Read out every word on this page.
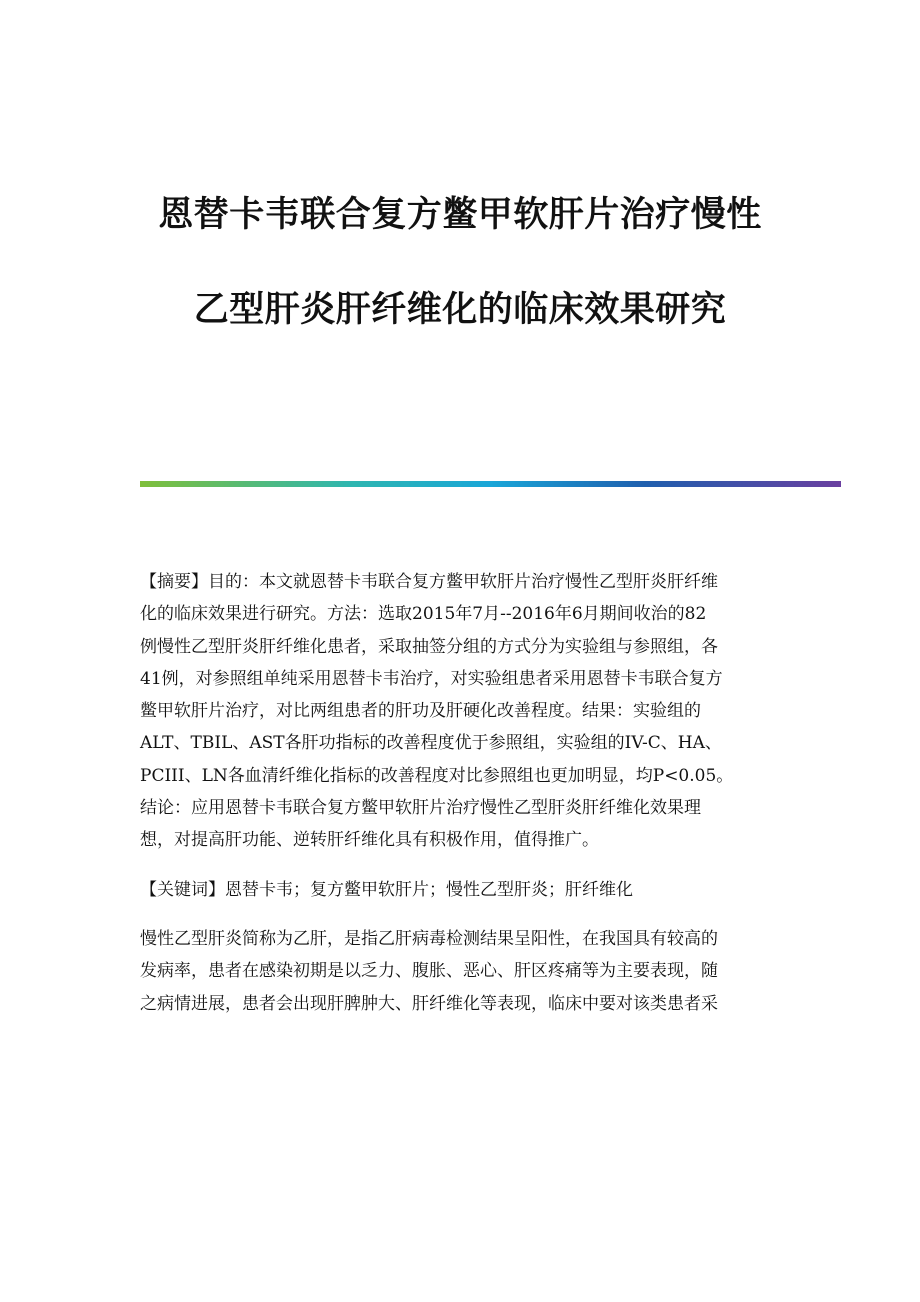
恩替卡韦联合复方鳖甲软肝片治疗慢性
乙型肝炎肝纤维化的临床效果研究

【摘要】目的：本文就恩替卡韦联合复方鳖甲软肝片治疗慢性乙型肝炎肝纤维
化的临床效果进行研究。方法：选取2015年7月--2016年6月期间收治的82
例慢性乙型肝炎肝纤维化患者，采取抽签分组的方式分为实验组与参照组，各
41例，对参照组单纯采用恩替卡韦治疗，对实验组患者采用恩替卡韦联合复方
鳖甲软肝片治疗，对比两组患者的肝功及肝硬化改善程度。结果：实验组的
ALT、TBIL、AST各肝功指标的改善程度优于参照组，实验组的IV-C、HA、
PCIII、LN各血清纤维化指标的改善程度对比参照组也更加明显，均P<0.05。
结论：应用恩替卡韦联合复方鳖甲软肝片治疗慢性乙型肝炎肝纤维化效果理
想，对提高肝功能、逆转肝纤维化具有积极作用，值得推广。

【关键词】恩替卡韦；复方鳖甲软肝片；慢性乙型肝炎；肝纤维化

慢性乙型肝炎简称为乙肝，是指乙肝病毒检测结果呈阳性，在我国具有较高的
发病率，患者在感染初期是以乏力、腹胀、恶心、肝区疼痛等为主要表现，随
之病情进展，患者会出现肝脾肿大、肝纤维化等表现，临床中要对该类患者采
